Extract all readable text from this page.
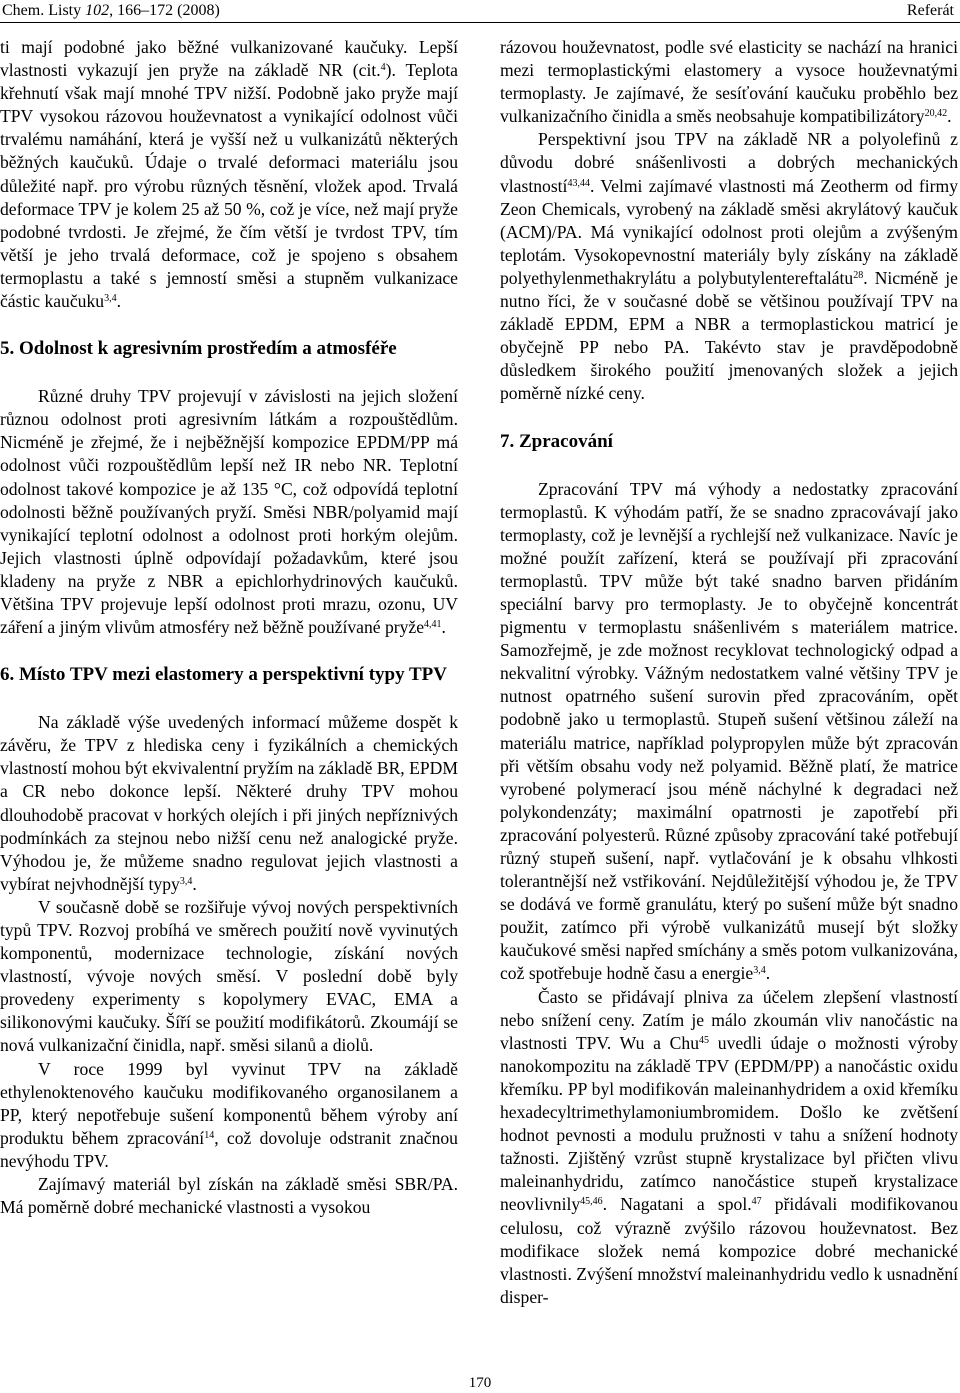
Chem. Listy 102, 166–172 (2008)	Referát

ti mají podobné jako běžné vulkanizované kaučuky. Lepší vlastnosti vykazují jen pryže na základě NR (cit.$^4$). Teplota křehnutí však mají mnohé TPV nižší. Podobně jako pryže mají TPV vysokou rázovou houževnatost a vynikající odolnost vůči trvalému namáhání, která je vyšší než u vulkanizátů některých běžných kaučuků. Údaje o trvalé deformaci materiálu jsou důležité např. pro výrobu různých těsnění, vložek apod. Trvalá deformace TPV je kolem 25 až 50 %, což je více, než mají pryže podobné tvrdosti. Je zřejmé, že čím větší je tvrdost TPV, tím větší je jeho trvalá deformace, což je spojeno s obsahem termoplastu a také s jemností směsi a stupněm vulkanizace částic kaučuku$^{3,4}$.

5. Odolnost k agresivním prostředím a atmosféře

Různé druhy TPV projevují v závislosti na jejich složení různou odolnost proti agresivním látkám a rozpouštědlům. Nicméně je zřejmé, že i nejběžnější kompozice EPDM/PP má odolnost vůči rozpouštědlům lepší než IR nebo NR. Teplotní odolnost takové kompozice je až 135 °C, což odpovídá teplotní odolnosti běžně používaných pryží. Směsi NBR/polyamid mají vynikající teplotní odolnost a odolnost proti horkým olejům. Jejich vlastnosti úplně odpovídají požadavkům, které jsou kladeny na pryže z NBR a epichlorhydrinových kaučuků. Většina TPV projevuje lepší odolnost proti mrazu, ozonu, UV záření a jiným vlivům atmosféry než běžně používané pryže$^{4,41}$.

6. Místo TPV mezi elastomery a perspektivní typy TPV

Na základě výše uvedených informací můžeme dospět k závěru, že TPV z hlediska ceny i fyzikálních a chemických vlastností mohou být ekvivalentní pryžím na základě BR, EPDM a CR nebo dokonce lepší. Některé druhy TPV mohou dlouhodobě pracovat v horkých olejích i při jiných nepříznivých podmínkách za stejnou nebo nižší cenu než analogické pryže. Výhodou je, že můžeme snadno regulovat jejich vlastnosti a vybírat nejvhodnější typy$^{3,4}$.

V současně době se rozšiřuje vývoj nových perspektivních typů TPV. Rozvoj probíhá ve směrech použití nově vyvinutých komponentů, modernizace technologie, získání nových vlastností, vývoje nových směsí. V poslední době byly provedeny experimenty s kopolymery EVAC, EMA a silikonovými kaučuky. Šíří se použití modifikátorů. Zkoumájí se nová vulkanizační činidla, např. směsi silanů a diolů.

V roce 1999 byl vyvinut TPV na základě ethylenoktenového kaučuku modifikovaného organosilanem a PP, který nepotřebuje sušení komponentů během výroby aní produktu během zpracování$^{14}$, což dovoluje odstranit značnou nevýhodu TPV.

Zajímavý materiál byl získán na základě směsi SBR/PA. Má poměrně dobré mechanické vlastnosti a vysokou

rázovou houževnatost, podle své elasticity se nachází na hranici mezi termoplastickými elastomery a vysoce houževnatými termoplasty. Je zajímavé, že sesíťování kaučuku proběhlo bez vulkanizačního činidla a směs neobsahuje kompatibilizátory$^{20,42}$.

Perspektivní jsou TPV na základě NR a polyolefinů z důvodu dobré snášenlivosti a dobrých mechanických vlastností$^{43,44}$. Velmi zajímavé vlastnosti má Zeotherm od firmy Zeon Chemicals, vyrobený na základě směsi akrylátový kaučuk (ACM)/PA. Má vynikající odolnost proti olejům a zvýšeným teplotám. Vysokopevnostní materiály byly získány na základě polyethylenmethakrylátu a polybutylentereftalátu$^{28}$. Nicméně je nutno říci, že v současné době se většinou používají TPV na základě EPDM, EPM a NBR a termoplastickou matricí je obyčejně PP nebo PA. Takévto stav je pravděpodobně důsledkem širokého použití jmenovaných složek a jejich poměrně nízké ceny.

7. Zpracování

Zpracování TPV má výhody a nedostatky zpracování termoplastů. K výhodám patří, že se snadno zpracovávají jako termoplasty, což je levnější a rychlejší než vulkanizace. Navíc je možné použít zařízení, která se používají při zpracování termoplastů. TPV může být také snadno barven přidáním speciální barvy pro termoplasty. Je to obyčejně koncentrát pigmentu v termoplastu snášenlivém s materiálem matrice. Samozřejmě, je zde možnost recyklovat technologický odpad a nekvalitní výrobky. Vážným nedostatkem valné většiny TPV je nutnost opatrného sušení surovin před zpracováním, opět podobně jako u termoplastů. Stupeň sušení většinou záleží na materiálu matrice, například polypropylen může být zpracován při větším obsahu vody než polyamid. Běžně platí, že matrice vyrobené polymerací jsou méně náchylné k degradaci než polykondenzáty; maximální opatrnosti je zapotřebí při zpracování polyesterů. Různé způsoby zpracování také potřebují různý stupeň sušení, např. vytlačování je k obsahu vlhkosti tolerantnější než vstřikování. Nejdůležitější výhodou je, že TPV se dodává ve formě granulátu, který po sušení může být snadno použit, zatímco při výrobě vulkanizátů musejí být složky kaučukové směsi napřed smíchány a směs potom vulkanizována, což spotřebuje hodně času a energie$^{3,4}$.

Často se přidávají plniva za účelem zlepšení vlastností nebo snížení ceny. Zatím je málo zkoumán vliv nanočástic na vlastnosti TPV. Wu a Chu$^{45}$ uvedli údaje o možnosti výroby nanokompozitu na základě TPV (EPDM/PP) a nanočástic oxidu křemíku. PP byl modifikován maleinanhydridem a oxid křemíku hexadecyltrimethylamoniumbromidem. Došlo ke zvětšení hodnot pevnosti a modulu pružnosti v tahu a snížení hodnoty tažnosti. Zjištěný vzrůst stupně krystalizace byl přičten vlivu maleinanhydridu, zatímco nanočástice stupeň krystalizace neovlivnily$^{45,46}$. Nagatani a spol.$^{47}$ přidávali modifikovanou celulosu, což výrazně zvýšilo rázovou houževnatost. Bez modifikace složek nemá kompozice dobré mechanické vlastnosti. Zvýšení množství maleinanhydridu vedlo k usnadnění disper-

170
